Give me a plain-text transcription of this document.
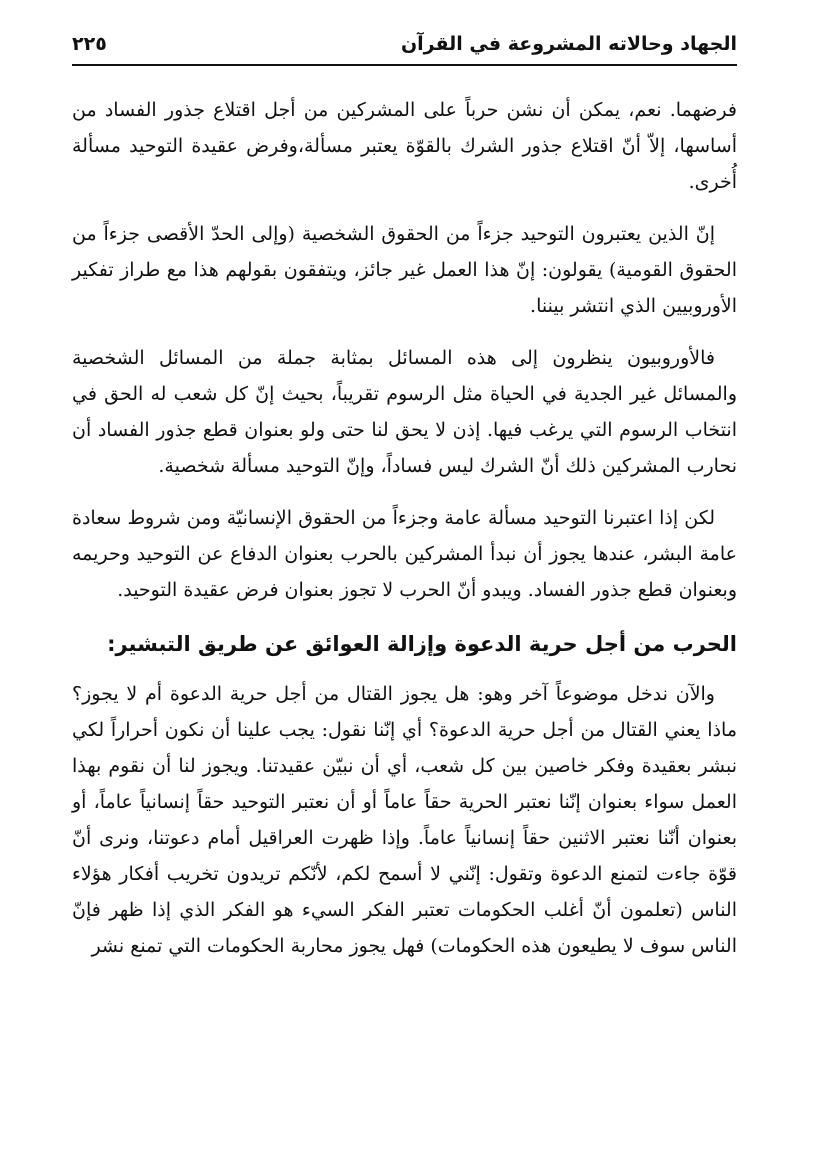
الجهاد وحالاته المشروعة في القرآن
٢٢٥

فرضهما. نعم، يمكن أن نشن حرباً على المشركين من أجل اقتلاع جذور الفساد من أساسها، إلاّ أنّ اقتلاع جذور الشرك بالقوّة يعتبر مسألة،وفرض عقيدة التوحيد مسألة أُخرى.

إنّ الذين يعتبرون التوحيد جزءاً من الحقوق الشخصية (وإلى الحدّ الأقصى جزءاً من الحقوق القومية) يقولون: إنّ هذا العمل غير جائز، ويتفقون بقولهم هذا مع طراز تفكير الأوروبيين الذي انتشر بيننا.

فالأوروبيون ينظرون إلى هذه المسائل بمثابة جملة من المسائل الشخصية والمسائل غير الجدية في الحياة مثل الرسوم تقريباً، بحيث إنّ كل شعب له الحق في انتخاب الرسوم التي يرغب فيها. إذن لا يحق لنا حتى ولو بعنوان قطع جذور الفساد أن نحارب المشركين ذلك أنّ الشرك ليس فساداً، وإنّ التوحيد مسألة شخصية.

لكن إذا اعتبرنا التوحيد مسألة عامة وجزءاً من الحقوق الإنسانيّة ومن شروط سعادة عامة البشر، عندها يجوز أن نبدأ المشركين بالحرب بعنوان الدفاع عن التوحيد وحريمه وبعنوان قطع جذور الفساد. ويبدو أنّ الحرب لا تجوز بعنوان فرض عقيدة التوحيد.

الحرب من أجل حرية الدعوة وإزالة العوائق عن طريق التبشير:

والآن ندخل موضوعاً آخر وهو: هل يجوز القتال من أجل حرية الدعوة أم لا يجوز؟ ماذا يعني القتال من أجل حرية الدعوة؟ أي إنّنا نقول: يجب علينا أن نكون أحراراً لكي نبشر بعقيدة وفكر خاصين بين كل شعب، أي أن نبيّن عقيدتنا. ويجوز لنا أن نقوم بهذا العمل سواء بعنوان إنّنا نعتبر الحرية حقاً عاماً أو أن نعتبر التوحيد حقاً إنسانياً عاماً، أو بعنوان أنّنا نعتبر الاثنين حقاً إنسانياً عاماً. وإذا ظهرت العراقيل أمام دعوتنا، ونرى أنّ قوّة جاءت لتمنع الدعوة وتقول: إنّني لا أسمح لكم، لأنّكم تريدون تخريب أفكار هؤلاء الناس (تعلمون أنّ أغلب الحكومات تعتبر الفكر السيء هو الفكر الذي إذا ظهر فإنّ الناس سوف لا يطيعون هذه الحكومات) فهل يجوز محاربة الحكومات التي تمنع نشر
